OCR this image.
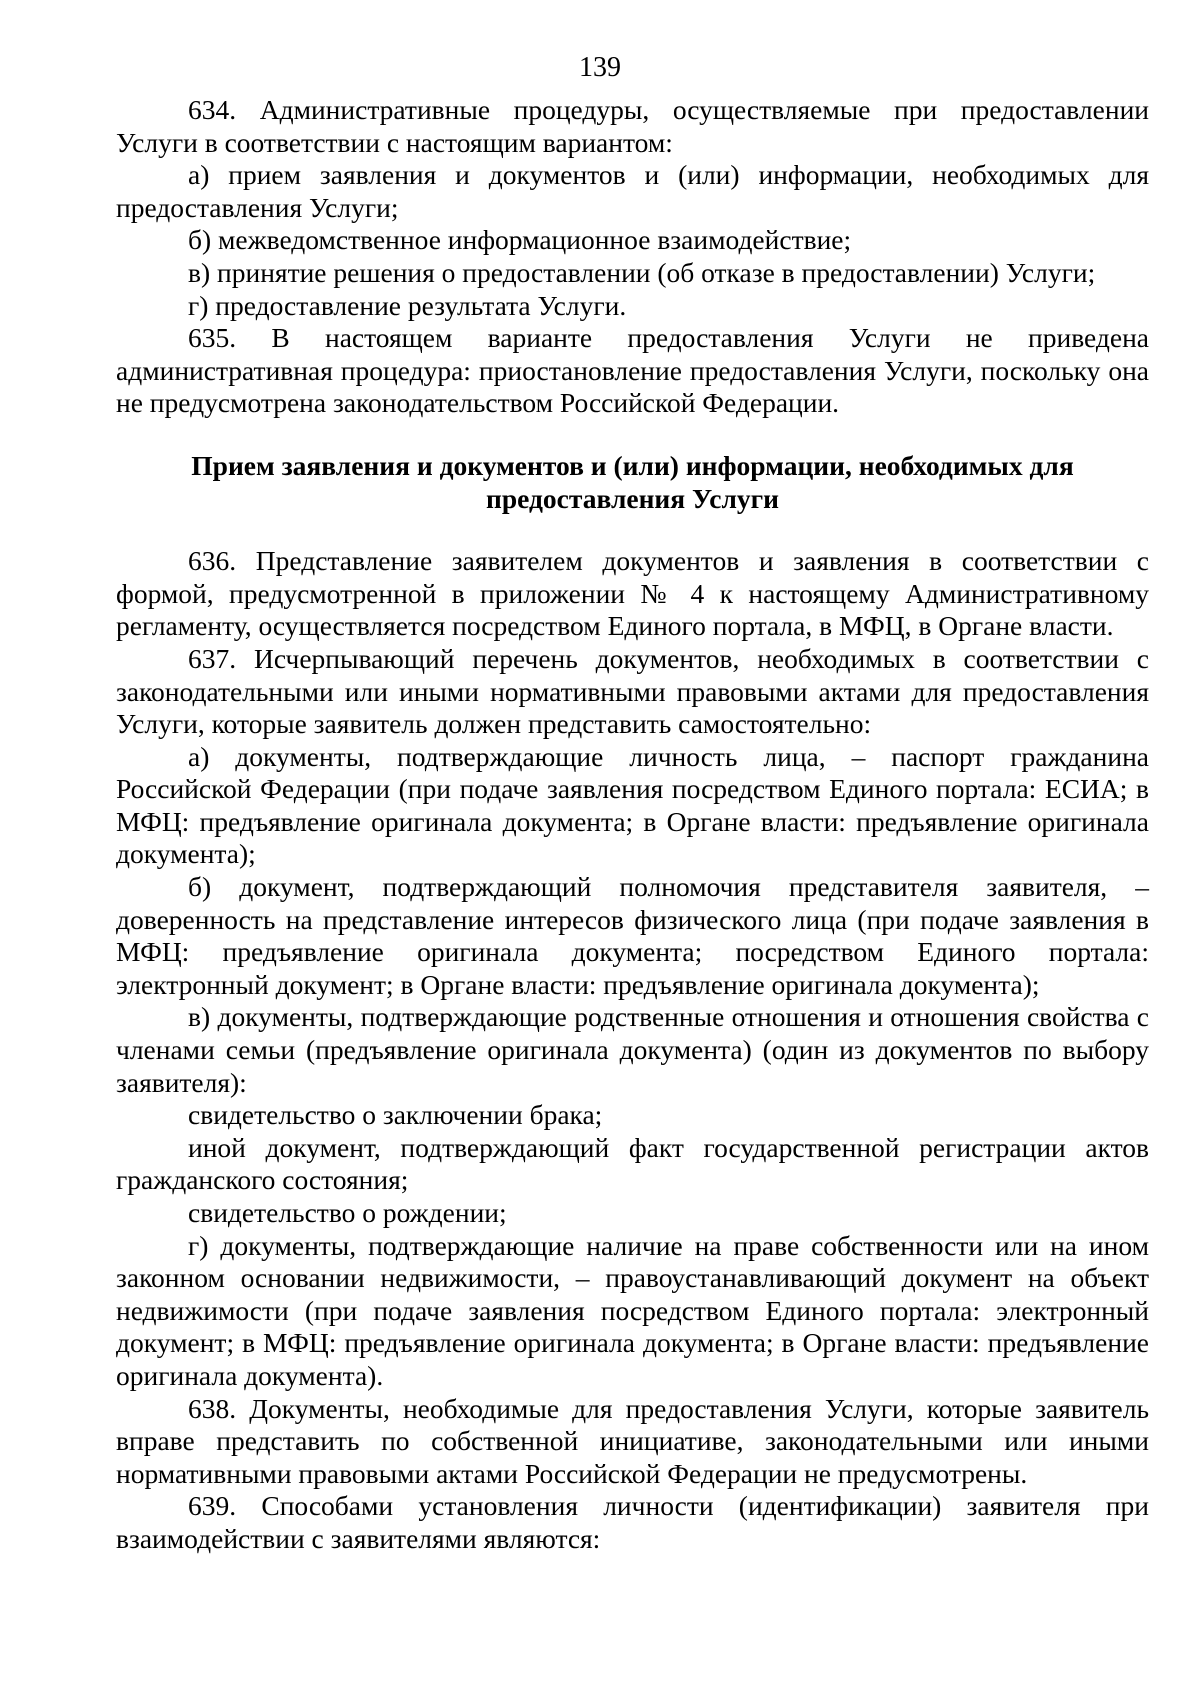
139

634. Административные процедуры, осуществляемые при предоставлении Услуги в соответствии с настоящим вариантом:

а) прием заявления и документов и (или) информации, необходимых для предоставления Услуги;

б) межведомственное информационное взаимодействие;

в) принятие решения о предоставлении (об отказе в предоставлении) Услуги;

г) предоставление результата Услуги.

635. В настоящем варианте предоставления Услуги не приведена административная процедура: приостановление предоставления Услуги, поскольку она не предусмотрена законодательством Российской Федерации.

Прием заявления и документов и (или) информации, необходимых для предоставления Услуги

636. Представление заявителем документов и заявления в соответствии с формой, предусмотренной в приложении № 4 к настоящему Административному регламенту, осуществляется посредством Единого портала, в МФЦ, в Органе власти.

637. Исчерпывающий перечень документов, необходимых в соответствии с законодательными или иными нормативными правовыми актами для предоставления Услуги, которые заявитель должен представить самостоятельно:

а) документы, подтверждающие личность лица, – паспорт гражданина Российской Федерации (при подаче заявления посредством Единого портала: ЕСИА; в МФЦ: предъявление оригинала документа; в Органе власти: предъявление оригинала документа);

б) документ, подтверждающий полномочия представителя заявителя, – доверенность на представление интересов физического лица (при подаче заявления в МФЦ: предъявление оригинала документа; посредством Единого портала: электронный документ; в Органе власти: предъявление оригинала документа);

в) документы, подтверждающие родственные отношения и отношения свойства с членами семьи (предъявление оригинала документа) (один из документов по выбору заявителя):

свидетельство о заключении брака;

иной документ, подтверждающий факт государственной регистрации актов гражданского состояния;

свидетельство о рождении;

г) документы, подтверждающие наличие на праве собственности или на ином законном основании недвижимости, – правоустанавливающий документ на объект недвижимости (при подаче заявления посредством Единого портала: электронный документ; в МФЦ: предъявление оригинала документа; в Органе власти: предъявление оригинала документа).

638. Документы, необходимые для предоставления Услуги, которые заявитель вправе представить по собственной инициативе, законодательными или иными нормативными правовыми актами Российской Федерации не предусмотрены.

639. Способами установления личности (идентификации) заявителя при взаимодействии с заявителями являются:
